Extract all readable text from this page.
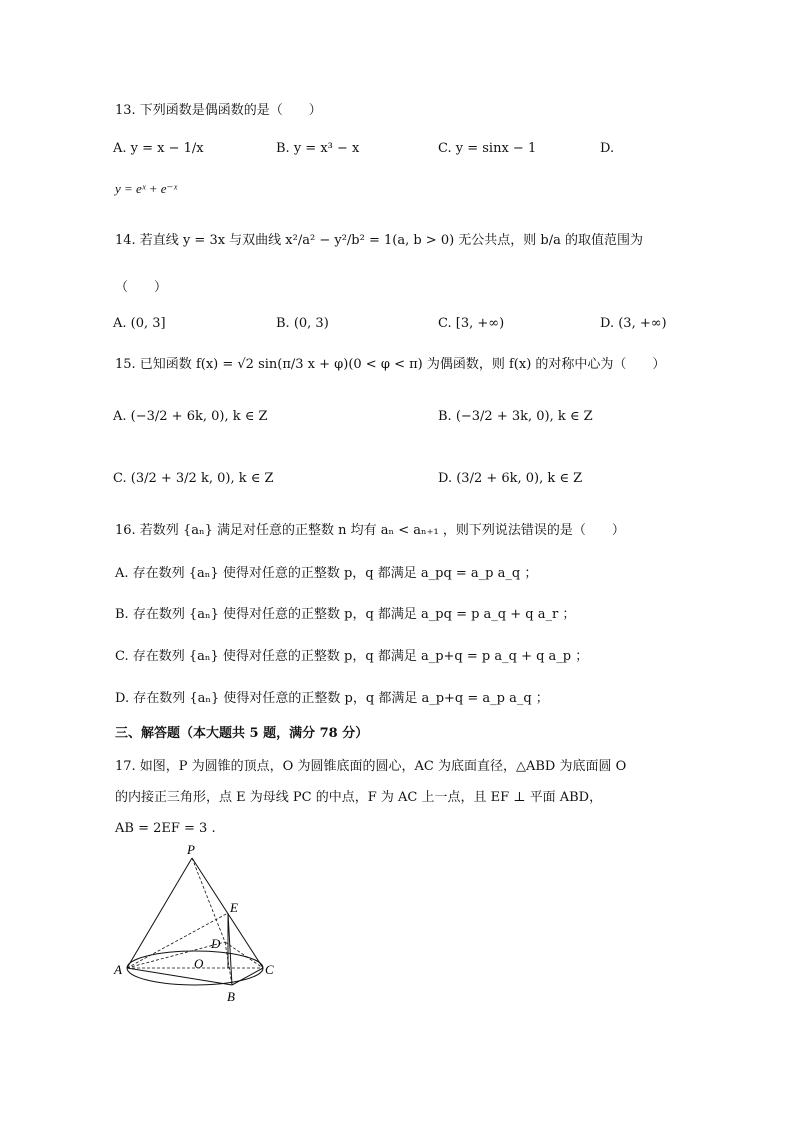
13. 下列函数是偶函数的是（　　）
A. y = x − 1/x	B. y = x³ − x	C. y = sinx − 1	D.
y = eˣ + e⁻ˣ
14. 若直线 y = 3x 与双曲线 x²/a² − y²/b² = 1(a, b > 0) 无公共点，则 b/a 的取值范围为
（　　）
A. (0, 3]	B. (0, 3)	C. [3, +∞)	D. (3, +∞)
15. 已知函数 f(x) = √2 sin(π/3 x + φ)(0 < φ < π) 为偶函数，则 f(x) 的对称中心为（　　）
A. (−3/2 + 6k, 0), k ∈ Z	B. (−3/2 + 3k, 0), k ∈ Z
C. (3/2 + 3/2 k, 0), k ∈ Z	D. (3/2 + 6k, 0), k ∈ Z
16. 若数列 {aₙ} 满足对任意的正整数 n 均有 aₙ < aₙ₊₁ ，则下列说法错误的是（　　）
A. 存在数列 {aₙ} 使得对任意的正整数 p，q 都满足 a_pq = a_p a_q ；
B. 存在数列 {aₙ} 使得对任意的正整数 p，q 都满足 a_pq = p a_q + q a_r ；
C. 存在数列 {aₙ} 使得对任意的正整数 p，q 都满足 a_p+q = p a_q + q a_p ；
D. 存在数列 {aₙ} 使得对任意的正整数 p，q 都满足 a_p+q = a_p a_q ；
三、解答题（本大题共 5 题，满分 78 分）
17. 如图，P 为圆锥的顶点，O 为圆锥底面的圆心，AC 为底面直径，△ABD 为底面圆 O
的内接正三角形，点 E 为母线 PC 的中点，F 为 AC 上一点，且 EF ⊥ 平面 ABD，
AB = 2EF = 3 .
P
E
D
O
A	C
B
